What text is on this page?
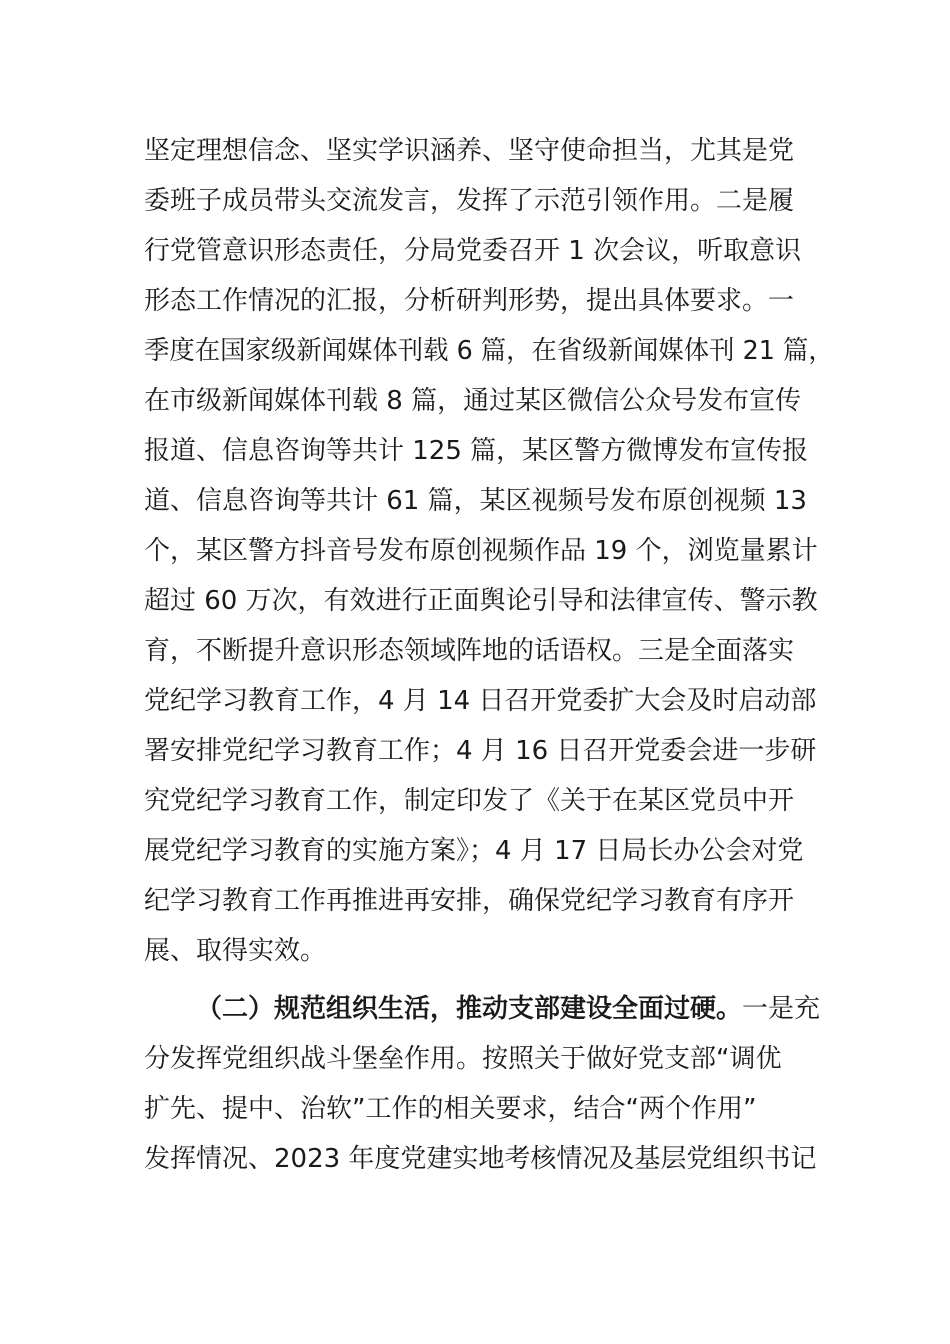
坚定理想信念、坚实学识涵养、坚守使命担当，尤其是党
委班子成员带头交流发言，发挥了示范引领作用。二是履
行党管意识形态责任，分局党委召开 1 次会议，听取意识
形态工作情况的汇报，分析研判形势，提出具体要求。一
季度在国家级新闻媒体刊载 6 篇，在省级新闻媒体刊 21 篇，
在市级新闻媒体刊载 8 篇，通过某区微信公众号发布宣传
报道、信息咨询等共计 125 篇，某区警方微博发布宣传报
道、信息咨询等共计 61 篇，某区视频号发布原创视频 13
个，某区警方抖音号发布原创视频作品 19 个，浏览量累计
超过 60 万次，有效进行正面舆论引导和法律宣传、警示教
育，不断提升意识形态领域阵地的话语权。三是全面落实
党纪学习教育工作，4 月 14 日召开党委扩大会及时启动部
署安排党纪学习教育工作；4 月 16 日召开党委会进一步研
究党纪学习教育工作，制定印发了《关于在某区党员中开
展党纪学习教育的实施方案》；4 月 17 日局长办公会对党
纪学习教育工作再推进再安排，确保党纪学习教育有序开
展、取得实效。
（二）规范组织生活，推动支部建设全面过硬。一是充
分发挥党组织战斗堡垒作用。按照关于做好党支部“调优
扩先、提中、治软”工作的相关要求，结合“两个作用”
发挥情况、2023 年度党建实地考核情况及基层党组织书记
